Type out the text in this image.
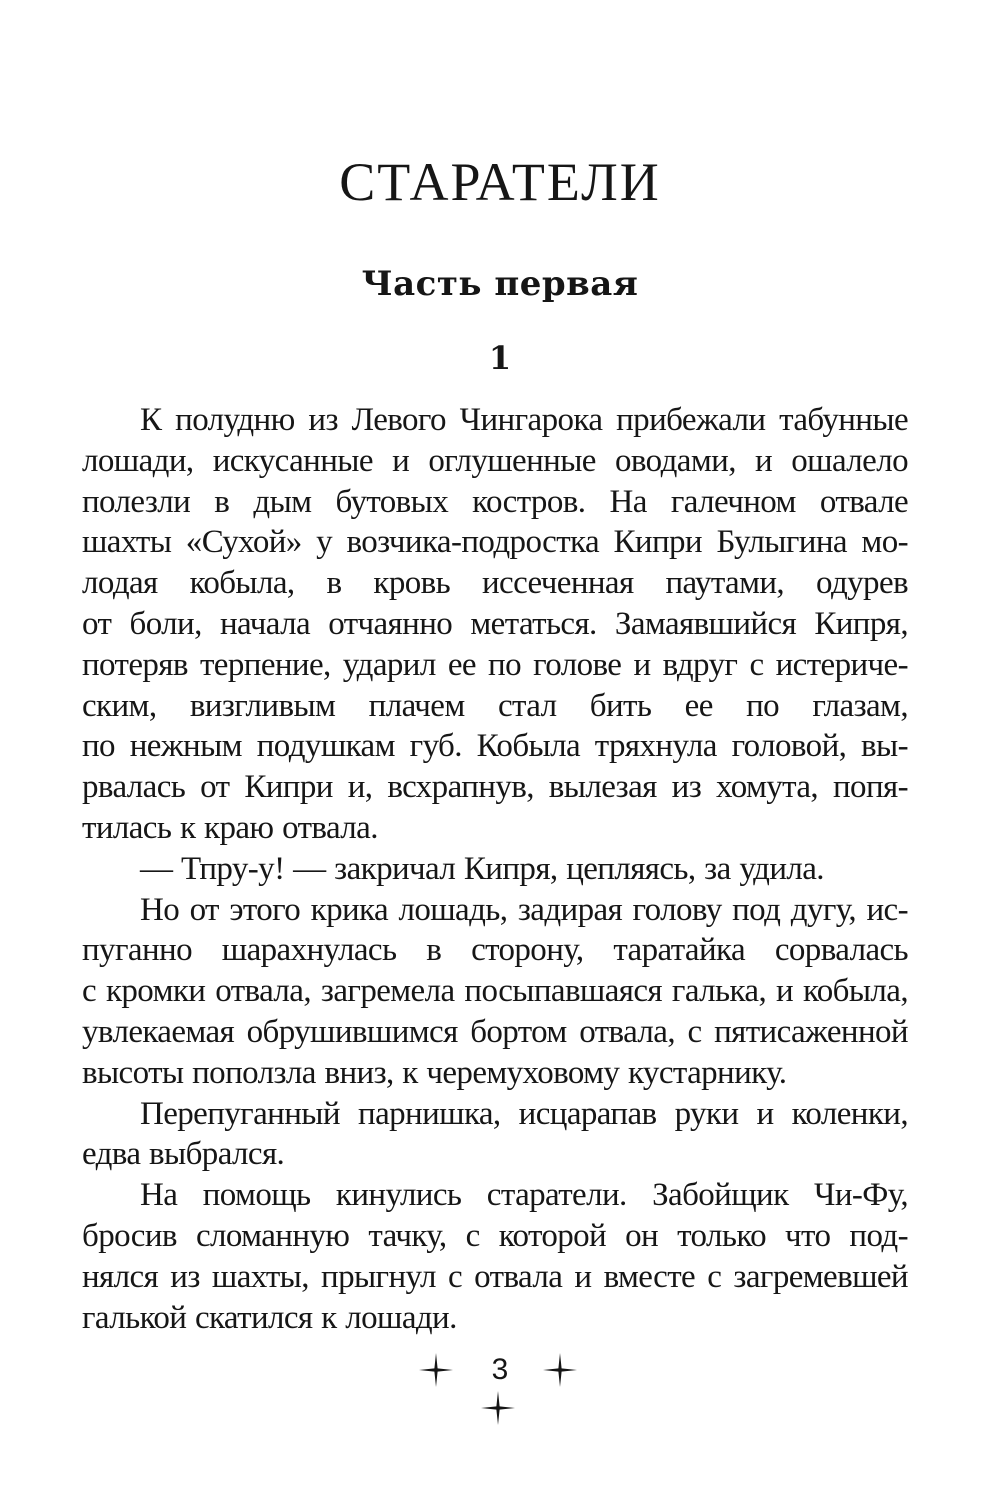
СТАРАТЕЛИ
Часть первая
1
К полудню из Левого Чингарока прибежали табунные
лошади, искусанные и оглушенные оводами, и ошалело
полезли в дым бутовых костров. На галечном отвале
шахты «Сухой» у возчика-подростка Кипри Булыгина мо-
лодая кобыла, в кровь иссеченная паутами, одурев
от боли, начала отчаянно метаться. Замаявшийся Кипря,
потеряв терпение, ударил ее по голове и вдруг с истериче-
ским, визгливым плачем стал бить ее по глазам,
по нежным подушкам губ. Кобыла тряхнула головой, вы-
рвалась от Кипри и, всхрапнув, вылезая из хомута, попя-
тилась к краю отвала.
— Тпру-у! — закричал Кипря, цепляясь, за удила.
Но от этого крика лошадь, задирая голову под дугу, ис-
пуганно шарахнулась в сторону, таратайка сорвалась
с кромки отвала, загремела посыпавшаяся галька, и кобыла,
увлекаемая обрушившимся бортом отвала, с пятисаженной
высоты поползла вниз, к черемуховому кустарнику.
Перепуганный парнишка, исцарапав руки и коленки,
едва выбрался.
На помощь кинулись старатели. Забойщик Чи-Фу,
бросив сломанную тачку, с которой он только что под-
нялся из шахты, прыгнул с отвала и вместе с загремевшей
галькой скатился к лошади.
3
